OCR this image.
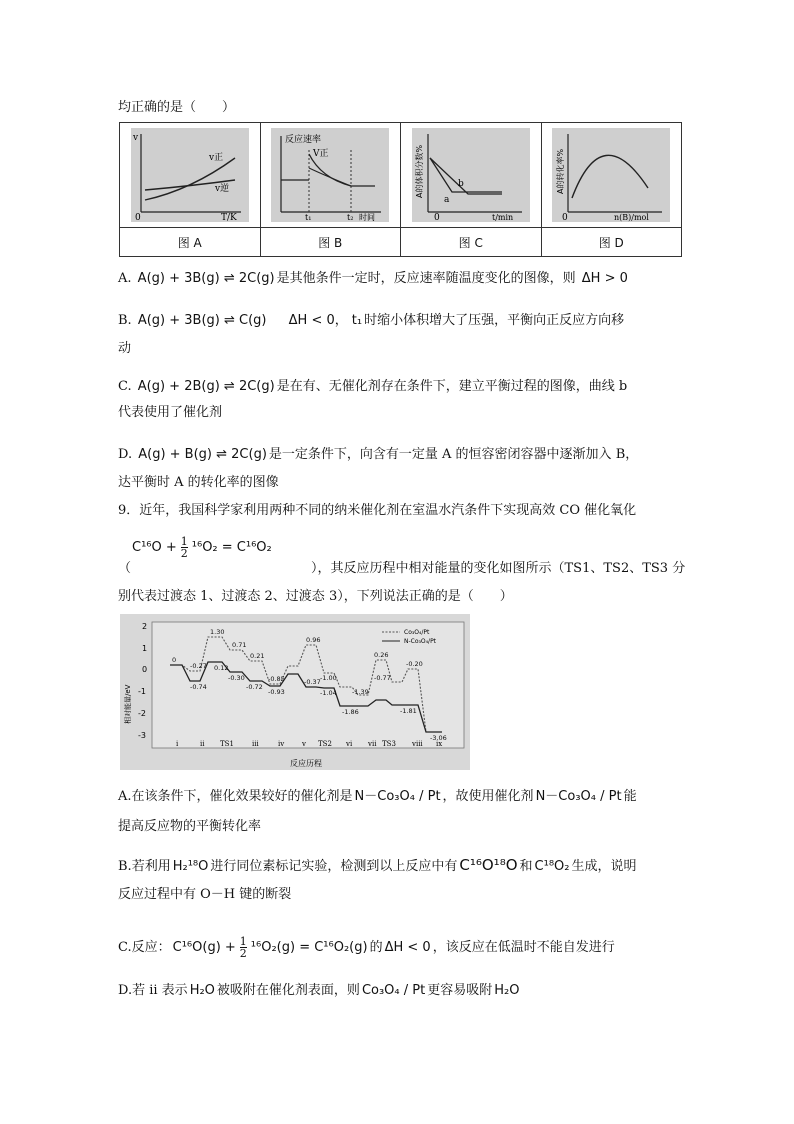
均正确的是（　　）
v
v正
v逆
0 T/K	反应速率
V正
t₁ t₂ 时间	A的体积分数%
a
b
0 t/min	A的转化率%
0 n(B)/mol

图 A	图 B	图 C	图 D
A. A(g) + 3B(g) ⇌ 2C(g) 是其他条件一定时，反应速率随温度变化的图像，则 ΔH > 0
B. A(g) + 3B(g) ⇌ C(g) ΔH < 0， t₁ 时缩小体积增大了压强，平衡向正反应方向移
动
C. A(g) + 2B(g) ⇌ 2C(g) 是在有、无催化剂存在条件下，建立平衡过程的图像，曲线 b
代表使用了催化剂
D. A(g) + B(g) ⇌ 2C(g) 是一定条件下，向含有一定量 A 的恒容密闭容器中逐渐加入 B，
达平衡时 A 的转化率的图像
9．近年，我国科学家利用两种不同的纳米催化剂在室温水汽条件下实现高效 CO 催化氧化
$C^{16}O + \frac{1}{2} ^{16}O_2 = C^{16}O_2$
（	），其反应历程中相对能量的变化如图所示（TS1、TS2、TS3 分
别代表过渡态 1、过渡态 2、过渡态 3），下列说法正确的是（　　）
相对能量/eV
反应历程
2
1
0
-1
-2
-3
i	ii TS1	iii	iv	v TS2 vi vii TS3 viii ix
Co₃O₄/Pt
N-Co₃O₄/Pt
0
-0.27
-0.74
1.30
0.12
0.71
-0.30
0.21
-0.72
-0.85
-0.93
0.96
-0.37 -1.00
-1.04 -1.39
-1.86
0.26
-0.77
-0.20
-1.81
-3.06
A.在该条件下，催化效果较好的催化剂是 N－Co₃O₄ / Pt ，故使用催化剂 N－Co₃O₄ / Pt 能
提高反应物的平衡转化率
B.若利用 H₂¹⁸O 进行同位素标记实验，检测到以上反应中有 C¹⁶O¹⁸O 和 C¹⁸O₂ 生成，说明
反应过程中有 O－H 键的断裂
C.反应： $C^{16}O(g) + \frac{1}{2} ^{16}O_2(g) = C^{16}O_2(g)$ 的 ΔH < 0 ，该反应在低温时不能自发进行
D.若 ii 表示 H₂O 被吸附在催化剂表面，则 Co₃O₄ / Pt 更容易吸附 H₂O
